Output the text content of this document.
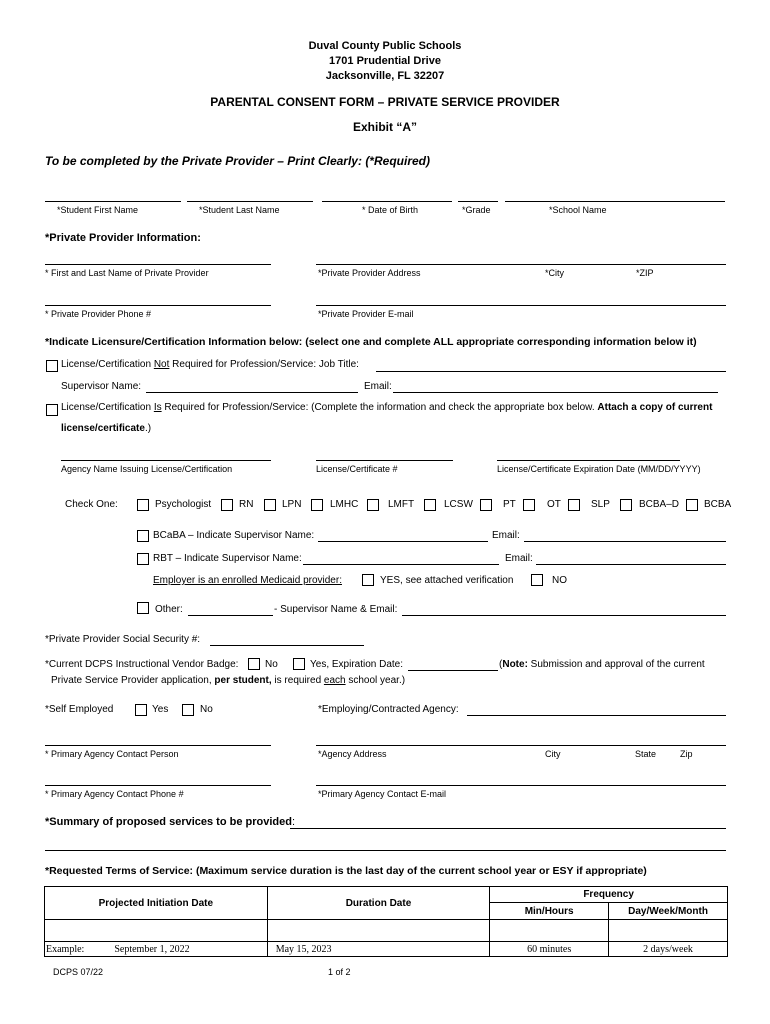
Duval County Public Schools
1701 Prudential Drive
Jacksonville, FL 32207
PARENTAL CONSENT FORM – PRIVATE SERVICE PROVIDER
Exhibit “A”
To be completed by the Private Provider – Print Clearly: (*Required)
*Student First Name	*Student Last Name	* Date of Birth	*Grade	*School Name
*Private Provider Information:
* First and Last Name of Private Provider	*Private Provider Address	*City	*ZIP
* Private Provider Phone #	*Private Provider E-mail
*Indicate Licensure/Certification Information below: (select one and complete ALL appropriate corresponding information below it)
License/Certification Not Required for Profession/Service: Job Title:
Supervisor Name:	Email:
License/Certification Is Required for Profession/Service: (Complete the information and check the appropriate box below. Attach a copy of current
license/certificate.)
Agency Name Issuing License/Certification	License/Certificate #	License/Certificate Expiration Date (MM/DD/YYYY)
Check One:	Psychologist	RN	LPN	LMHC	LMFT	LCSW	PT	OT	SLP	BCBA–D BCBA
BCaBA – Indicate Supervisor Name:	Email:
RBT – Indicate Supervisor Name:	Email:
Employer is an enrolled Medicaid provider:	YES, see attached verification	NO
Other:	- Supervisor Name & Email:
*Private Provider Social Security #:
*Current DCPS Instructional Vendor Badge:	No	Yes, Expiration Date:	(Note: Submission and approval of the current
Private Service Provider application, per student, is required each school year.)
*Self Employed	Yes	No	*Employing/Contracted Agency:
* Primary Agency Contact Person	*Agency Address	City	State	Zip
* Primary Agency Contact Phone #	*Primary Agency Contact E-mail
*Summary of proposed services to be provided:
*Requested Terms of Service: (Maximum service duration is the last day of the current school year or ESY if appropriate)
Projected Initiation Date	Duration Date	Frequency	
		Min/Hours	Day/Week/Month

Example: September 1, 2022	May 15, 2023	60 minutes	2 days/week
DCPS 07/22	1 of 2
